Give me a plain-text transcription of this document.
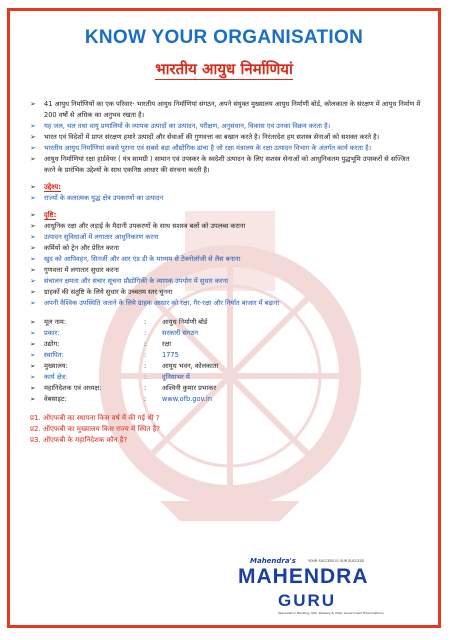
KNOW YOUR ORGANISATION
भारतीय आयुध निर्माणियां
➢ 41 आयुध निर्माणियों का एक परिवार- भारतीय आयुध निर्माणियां संगठन, अपने संयुक्त मुख्यालय आयुध निर्माणी बोर्ड, कोलकाता के संरक्षण में आयुध निर्माण में 200 वर्षों से अधिक का अनुभव रखता है।
➢ यह जल, थल तथा वायु प्रणालियों के व्यापक उत्पादों का उत्पादन, परीक्षण, अनुसंधान, विकास एवं उनका विक्रय करता है।
➢ भारत एवं विदेशों में प्राप्त संरक्षण हमारे उत्पादों और सेवाओं की गुणवत्ता का बखान करते है। निरंतरदेश हम सशस्त्र सेनाओं को सशक्त करते है।
➢ भारतीय आयुध निर्माणियां सबसे पुराना एवं सबसे बड़ा औद्योगिक ढांचा है जो रक्षा मंत्रालय के रक्षा उत्पादन विभाग के अंतर्गत कार्य करता है।
➢ आयुध निर्माणियां रक्षा हार्डवेयर ( यंत्र सामग्री ) सामान एवं उपस्कर के स्वदेशी उत्पादन के लिए सशस्त्र सेनाओं को आधुनिकतम युद्धभूमि उपस्करों से सज्जित करने के प्रारंभिक उद्देश्यों के साथ एकनिष्ठ आधार की संरचना करती है।
➢ उद्देश्य:
➢ राज्यों के कलात्मक युद्ध क्षेत्र उपकरणों का उत्पादन
➢ दृष्टि:
➢ आधुनिक रक्षा और लड़ाई के मैदानी उपकरणों के साथ सशस्त्र बलों को उपलब्ध कराना
➢ उत्पादन सुविधाओं में लगातार आधुनिकरण करना
➢ कर्मियों को ट्रेन और प्रेरित करना
➢ खुद को आपिवहन, सिनर्जी और आर एंड डी के माध्यम से टेक्नोलॉजी से लैस बनाना
➢ गुणवत्ता में लगातार सुधार करना
➢ संचालन क्षमता और संचार सूचना प्रौद्योगिकी के व्यापक उपयोग में सुधार करना
➢ ग्राहकों की संतुष्टि के लिये सुधार के उच्चतम स्तर चुनना
➢ अपनी वैश्विक उपस्थिति जताने के लिये ग्राहक आधार को रक्षा, गैर-रक्षा और निर्यात बाजार में बढ़ाना
➢ मूल नाम:	:	आयुध निर्माणी बोर्ड
➢ प्रकार:	:	सरकारी संगठन
➢ उद्योग:	:	रक्षा
➢ स्थापित:	:	1775
➢ मुख्यालय:	:	आयुध भवन, कोलकाता
➢ कार्य क्षेत्र:	:	दुनियाभर में
➢ महानिदेशक एवं अध्यक्ष:	:	अश्विनी कुमार प्रभाकर
➢ वेबसाइट:	:	www.ofb.gov.in
प्र1. ऑएफबी का स्थापना किस वर्ष में की गई थी ?
प्र2. ऑएफबी का मुख्यालय किस राज्य में स्थित है?
प्र3. ऑएफबी के महानिदेशक कौन है?
Mahendra's	YOUR SUCCESS IS OUR SUCCESS
MAHENDRA
GURU
Specialist in Banking, SSC, Railway & other Government Examinations
